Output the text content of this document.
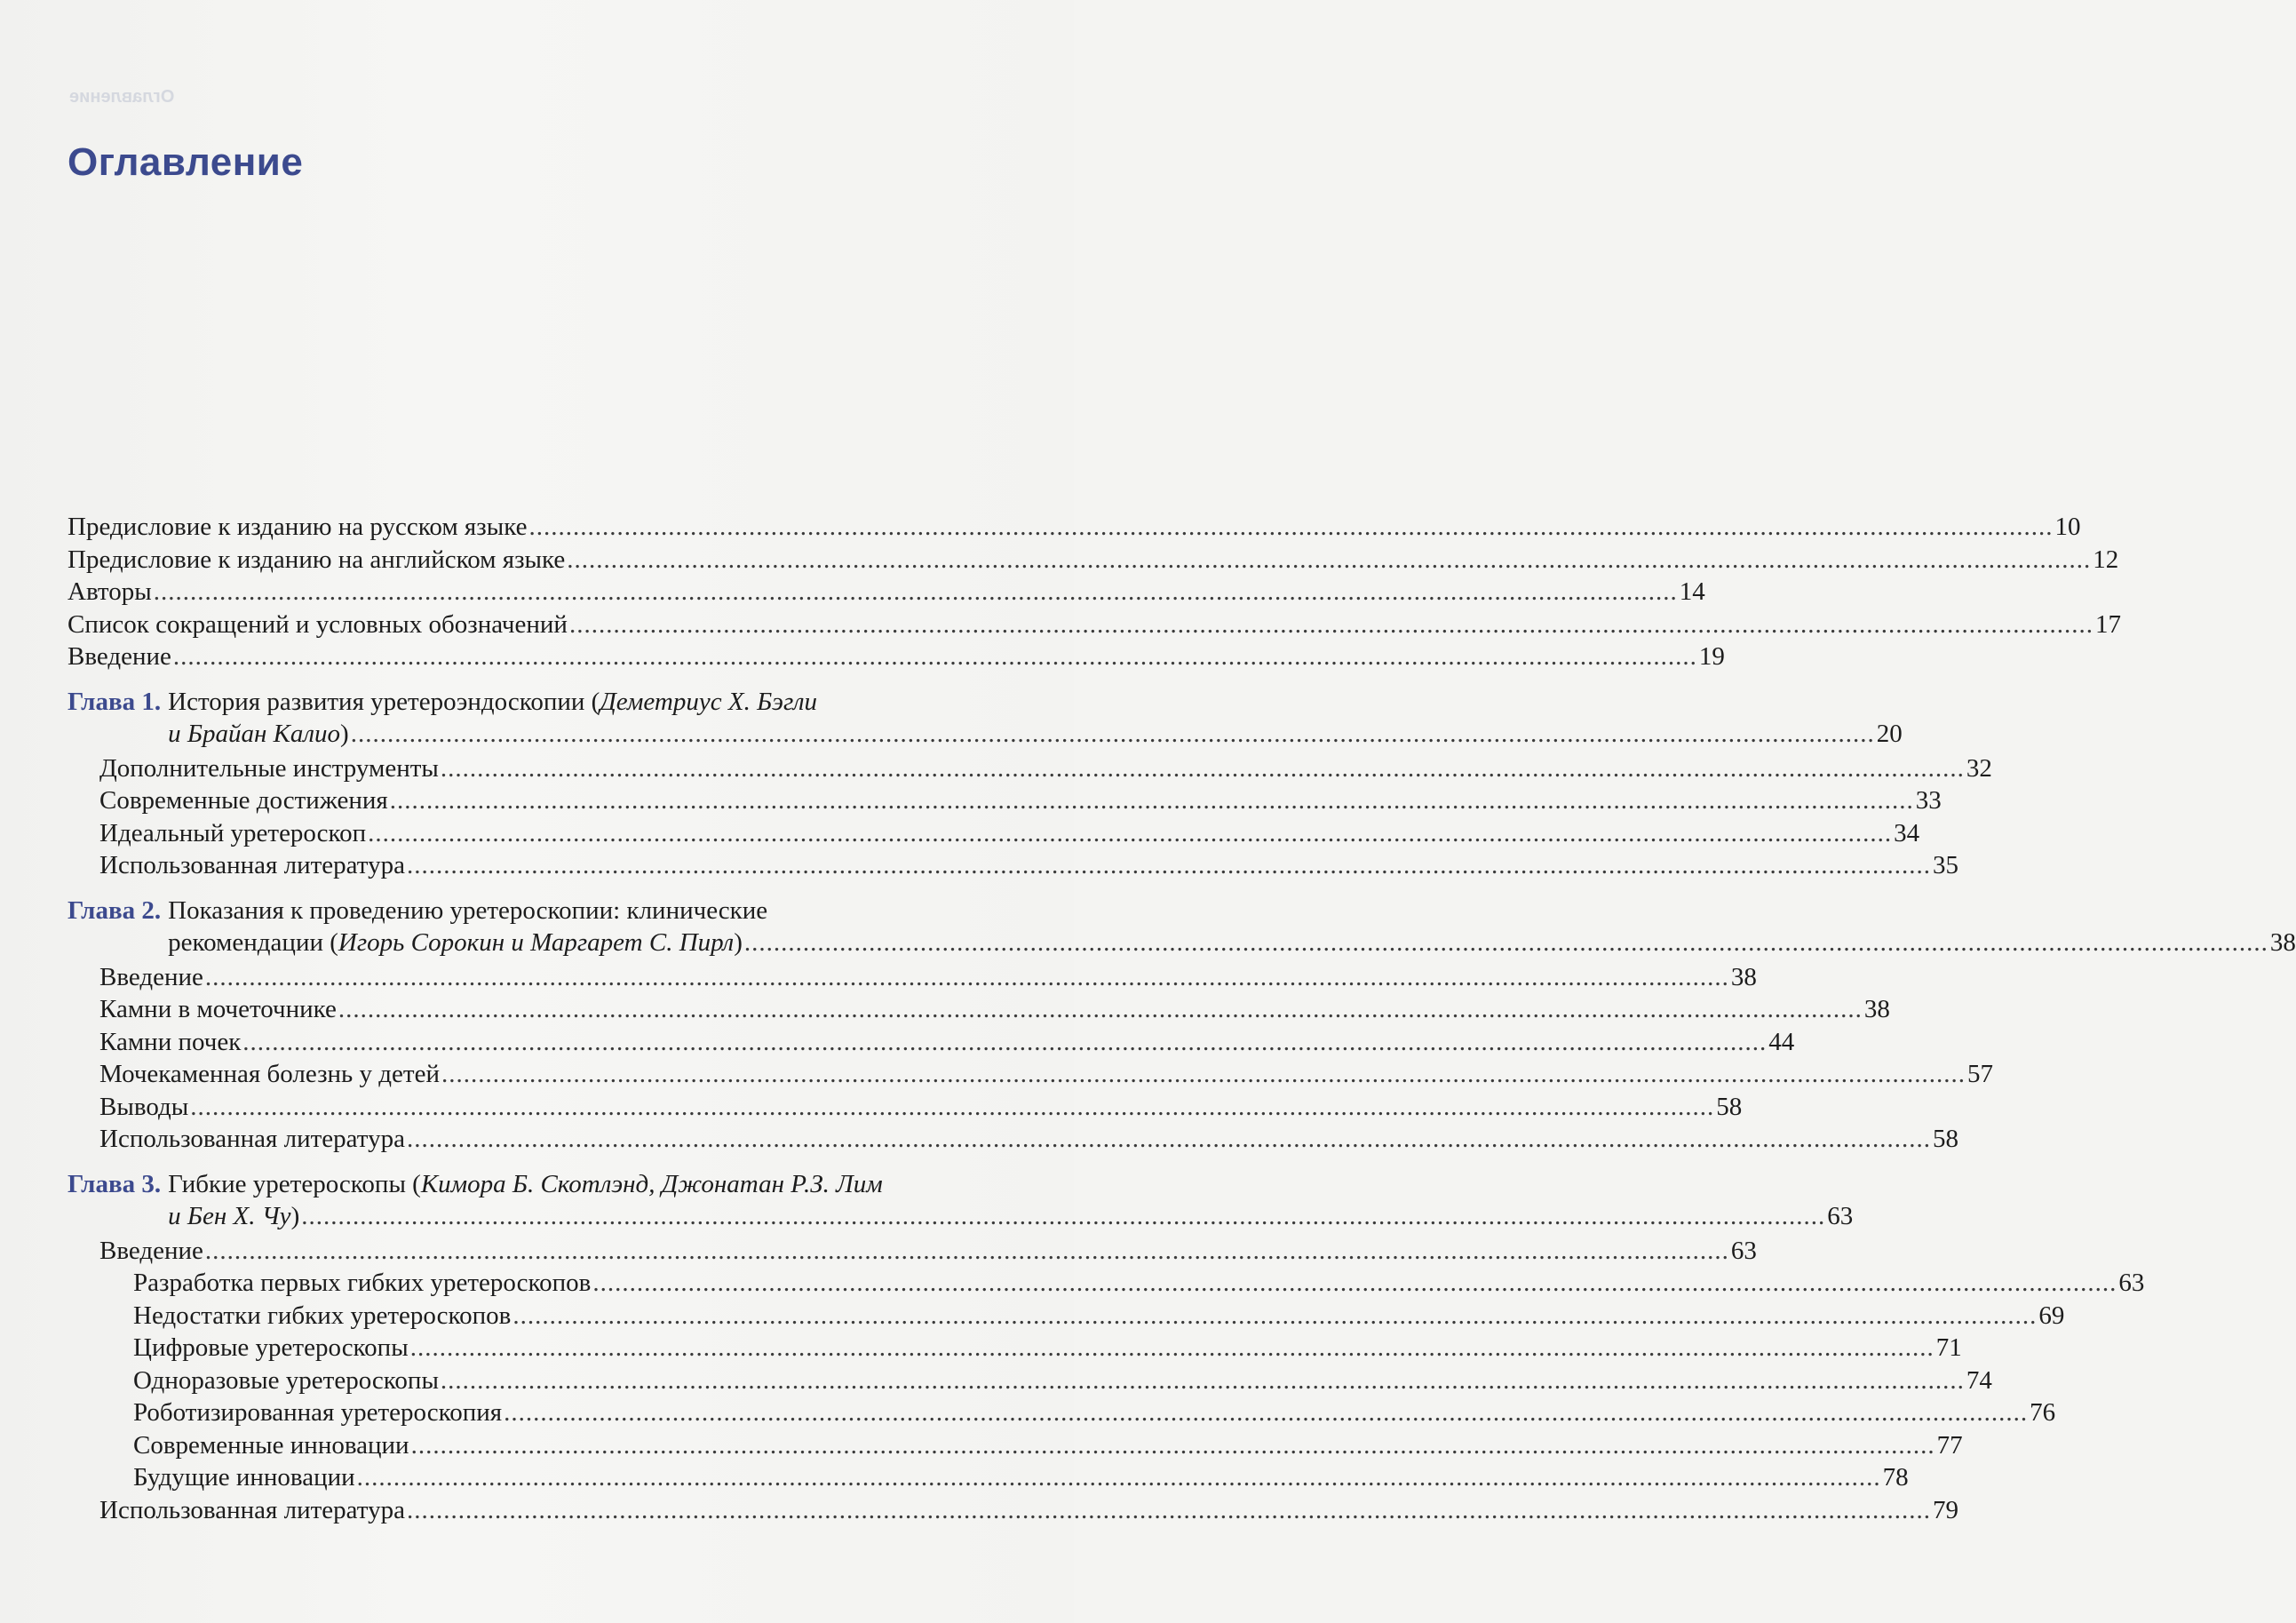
Оглавление
Оглавление
Предисловие к изданию на русском языке .....	10
Предисловие к изданию на английском языке .....	12
Авторы .....	14
Список сокращений и условных обозначений .....	17
Введение .....	19
Глава 1. История развития уретероэндоскопии (Деметриус Х. Бэгли
и Брайан Калио) .....	20
Дополнительные инструменты .....	32
Современные достижения .....	33
Идеальный уретероскоп .....	34
Использованная литература .....	35
Глава 2. Показания к проведению уретероскопии: клинические
рекомендации (Игорь Сорокин и Маргарет С. Пирл) .....	38
Введение .....	38
Камни в мочеточнике .....	38
Камни почек .....	44
Мочекаменная болезнь у детей .....	57
Выводы .....	58
Использованная литература .....	58
Глава 3. Гибкие уретероскопы (Кимора Б. Скотлэнд, Джонатан Р.З. Лим
и Бен Х. Чу) .....	63
Введение .....	63
Разработка первых гибких уретероскопов .....	63
Недостатки гибких уретероскопов .....	69
Цифровые уретероскопы .....	71
Одноразовые уретероскопы .....	74
Роботизированная уретероскопия .....	76
Современные инновации .....	77
Будущие инновации .....	78
Использованная литература .....	79
